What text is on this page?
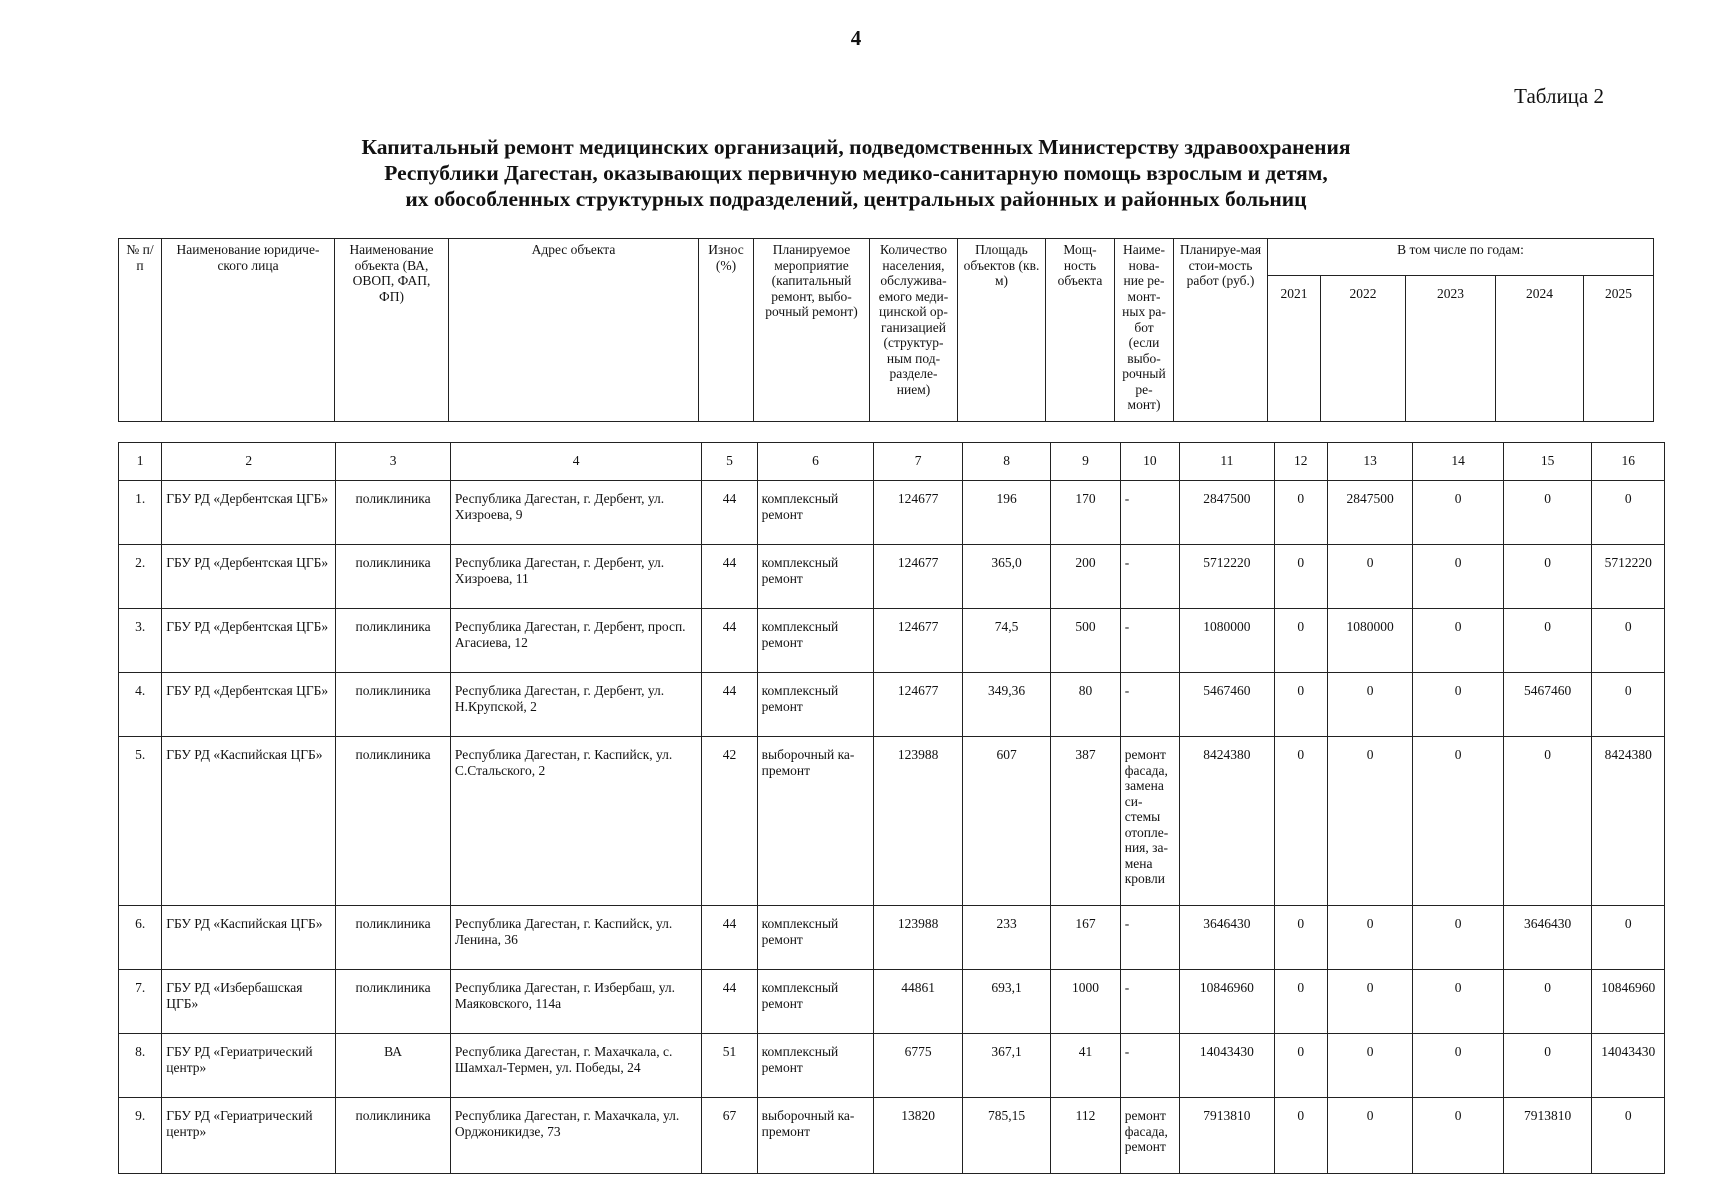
4
Таблица 2
Капитальный ремонт медицинских организаций, подведомственных Министерству здравоохранения
Республики Дагестан, оказывающих первичную медико-санитарную помощь взрослым и детям,
их обособленных структурных подразделений, центральных районных и районных больниц
№ п/п	Наименование юридиче-ского лица	Наименование объекта (ВА, ОВОП, ФАП, ФП)	Адрес объекта	Износ (%)	Планируемое мероприятие (капитальный ремонт, выбо-рочный ремонт)	Количество населения, обслужива-емого меди-цинской ор-ганизацией (структур-ным под-разделе-нием)	Площадь объектов (кв. м)	Мощ-ность объекта	Наиме-нова-ние ре-монт-ных ра-бот (если выбо-рочный ре-монт)	Планируе-мая стои-мость работ (руб.)	В том числе по годам:				
											2021	2022	2023	2024	2025
1	2	3	4	5	6	7	8	9	10	11	12	13	14	15	16
1.	ГБУ РД «Дербентская ЦГБ»	поликлиника	Республика Дагестан, г. Дербент, ул. Хизроева, 9	44	комплексный ремонт	124677	196	170	-	2847500	0	2847500	0	0	0
2.	ГБУ РД «Дербентская ЦГБ»	поликлиника	Республика Дагестан, г. Дербент, ул. Хизроева, 11	44	комплексный ремонт	124677	365,0	200	-	5712220	0	0	0	0	5712220
3.	ГБУ РД «Дербентская ЦГБ»	поликлиника	Республика Дагестан, г. Дербент, просп. Агасиева, 12	44	комплексный ремонт	124677	74,5	500	-	1080000	0	1080000	0	0	0
4.	ГБУ РД «Дербентская ЦГБ»	поликлиника	Республика Дагестан, г. Дербент, ул. Н.Крупской, 2	44	комплексный ремонт	124677	349,36	80	-	5467460	0	0	0	5467460	0
5.	ГБУ РД «Каспийская ЦГБ»	поликлиника	Республика Дагестан, г. Каспийск, ул. С.Стальского, 2	42	выборочный ка-премонт	123988	607	387	ремонт фасада, замена си-стемы отопле-ния, за-мена кровли	8424380	0	0	0	0	8424380
6.	ГБУ РД «Каспийская ЦГБ»	поликлиника	Республика Дагестан, г. Каспийск, ул. Ленина, 36	44	комплексный ремонт	123988	233	167	-	3646430	0	0	0	3646430	0
7.	ГБУ РД «Избербашская ЦГБ»	поликлиника	Республика Дагестан, г. Избербаш, ул. Маяковского, 114а	44	комплексный ремонт	44861	693,1	1000	-	10846960	0	0	0	0	10846960
8.	ГБУ РД «Гериатрический центр»	ВА	Республика Дагестан, г. Махачкала, с. Шамхал-Термен, ул. Победы, 24	51	комплексный ремонт	6775	367,1	41	-	14043430	0	0	0	0	14043430
9.	ГБУ РД «Гериатрический центр»	поликлиника	Республика Дагестан, г. Махачкала, ул. Орджоникидзе, 73	67	выборочный ка-премонт	13820	785,15	112	ремонт фасада, ремонт	7913810	0	0	0	7913810	0
